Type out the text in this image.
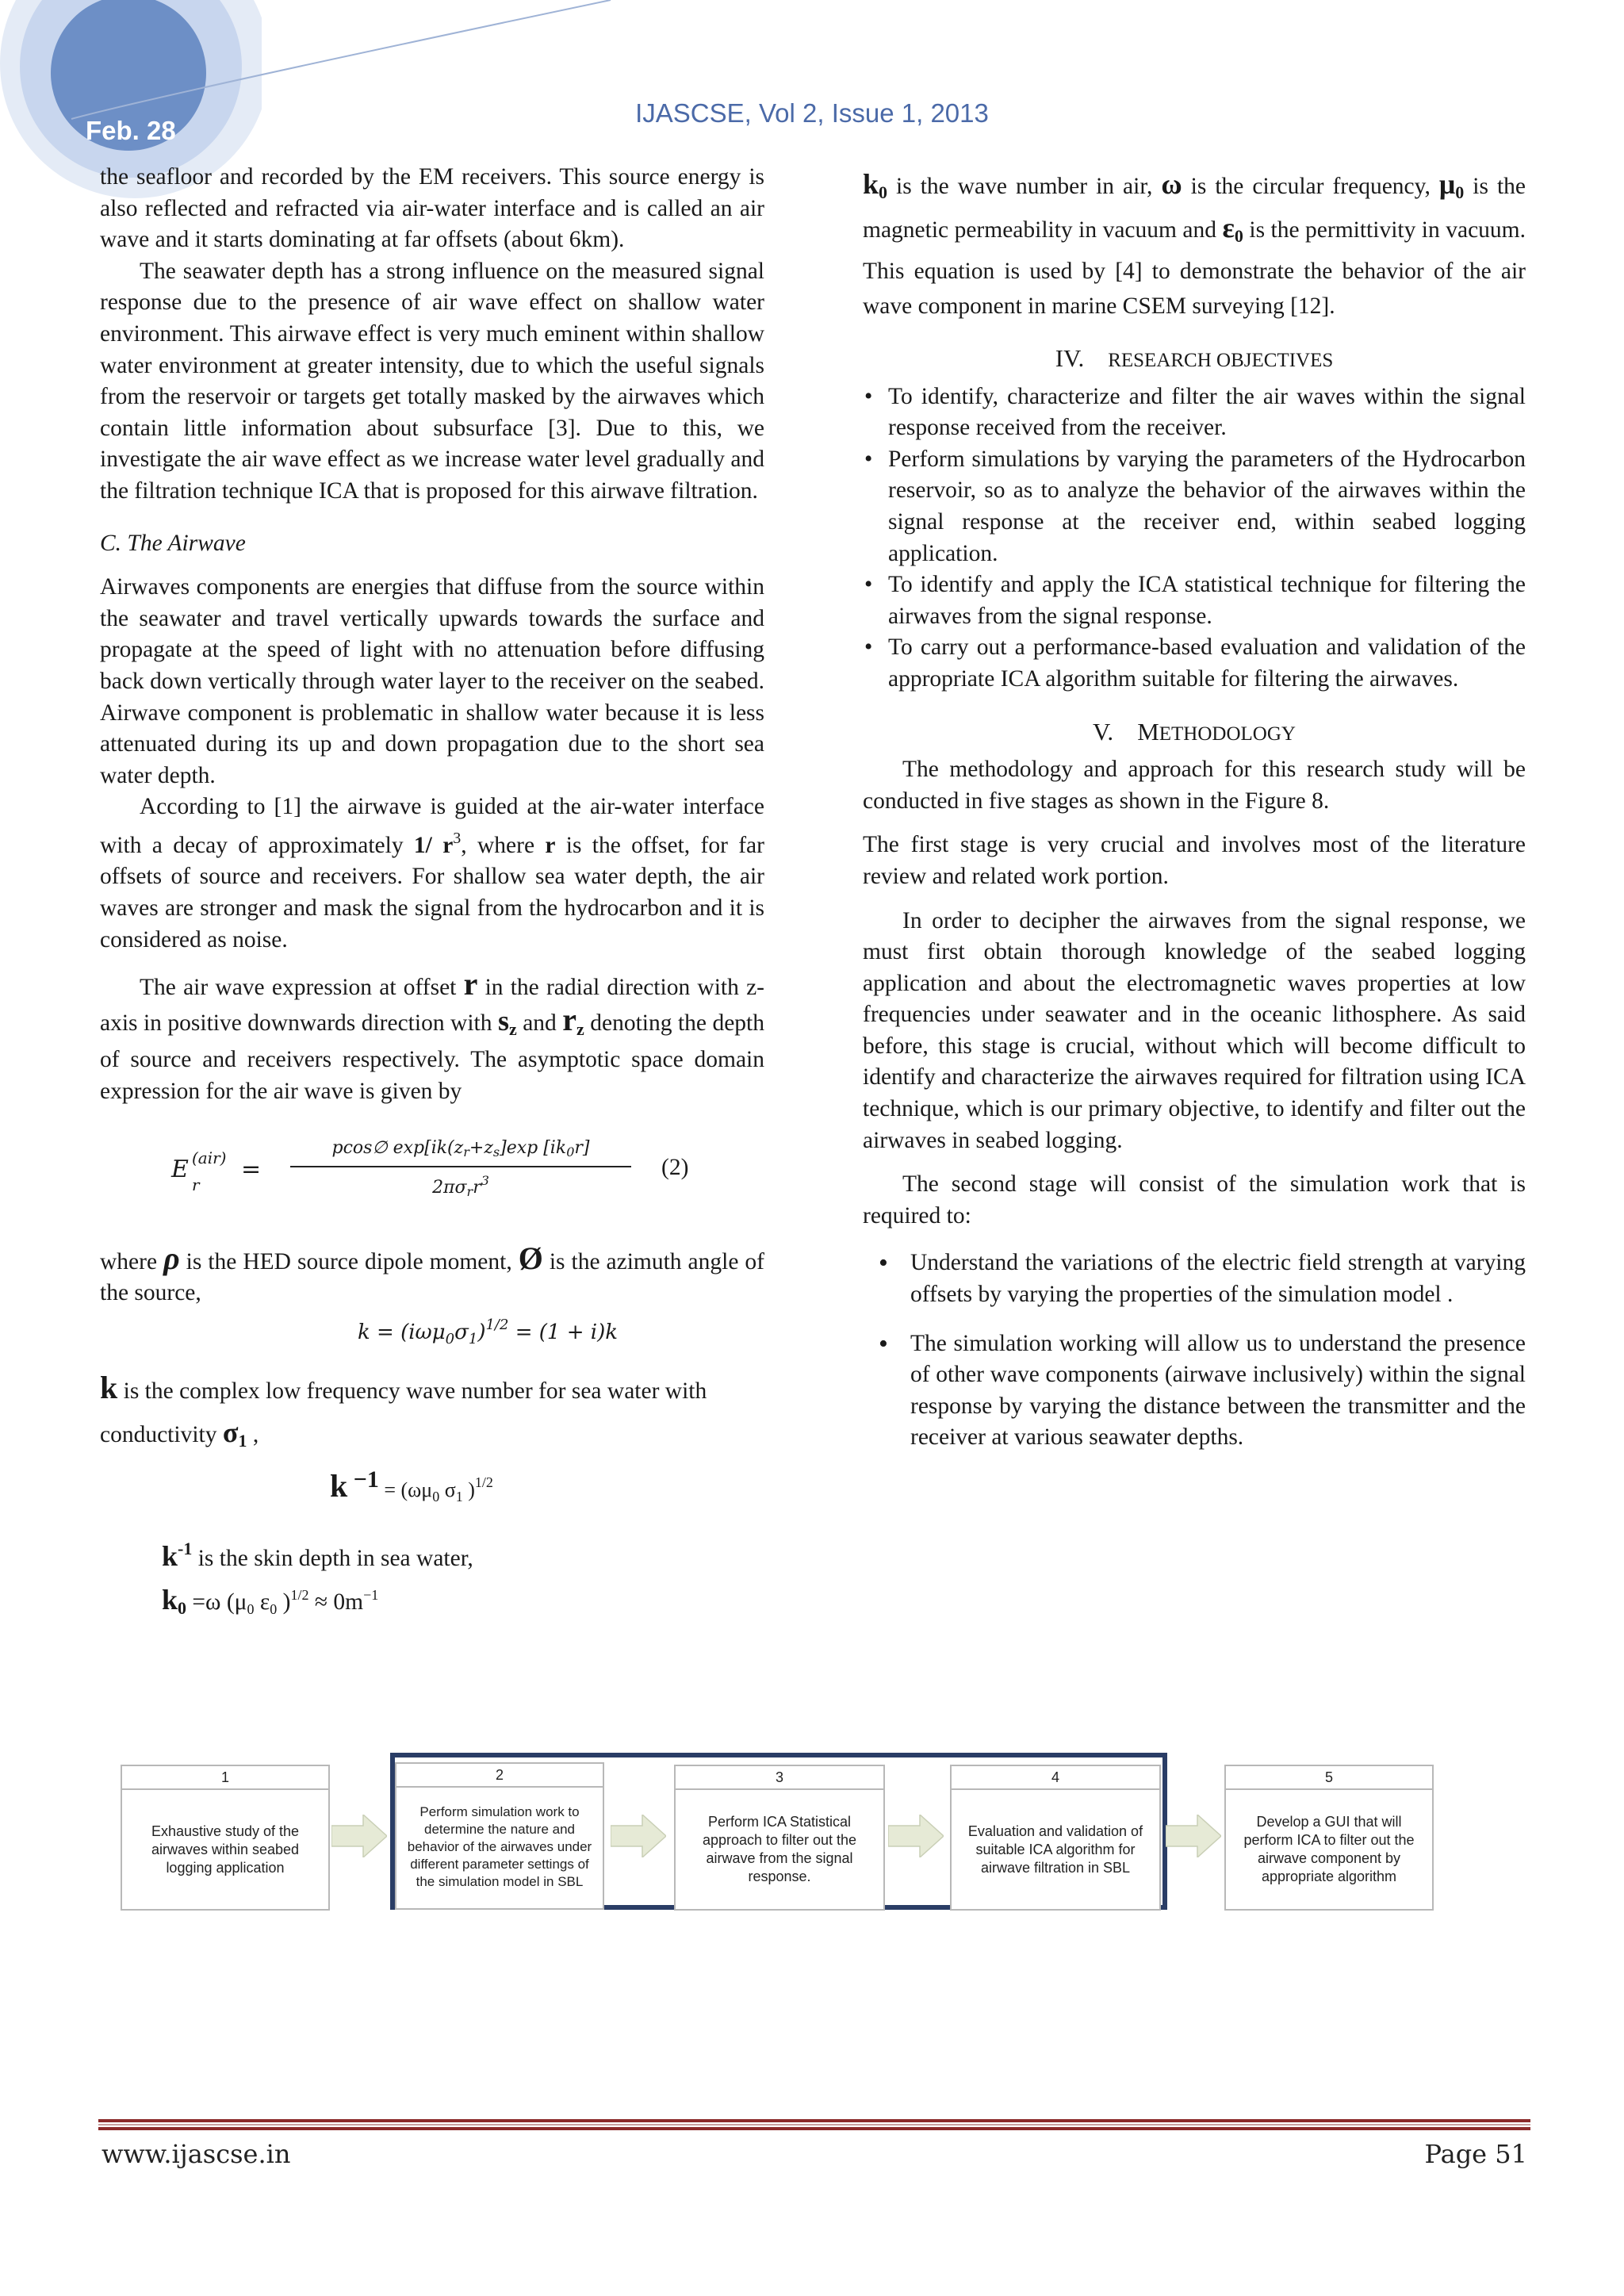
Feb. 28
IJASCSE, Vol 2, Issue 1, 2013

the seafloor and recorded by the EM receivers. This source energy is also reflected and refracted via air-water interface and is called an air wave and it starts dominating at far offsets (about 6km).

The seawater depth has a strong influence on the measured signal response due to the presence of air wave effect on shallow water environment. This airwave effect is very much eminent within shallow water environment at greater intensity, due to which the useful signals from the reservoir or targets get totally masked by the airwaves which contain little information about subsurface [3]. Due to this, we investigate the air wave effect as we increase water level gradually and the filtration technique ICA that is proposed for this airwave filtration.

C. The Airwave

Airwaves components are energies that diffuse from the source within the seawater and travel vertically upwards towards the surface and propagate at the speed of light with no attenuation before diffusing back down vertically through water layer to the receiver on the seabed. Airwave component is problematic in shallow water because it is less attenuated during its up and down propagation due to the short sea water depth.

According to [1] the airwave is guided at the air-water interface with a decay of approximately 1/ $r^3$, where r is the offset, for far offsets of source and receivers. For shallow sea water depth, the air waves are stronger and mask the signal from the hydrocarbon and it is considered as noise.

The air wave expression at offset r in the radial direction with z-axis in positive downwards direction with $s_z$ and $r_z$ denoting the depth of source and receivers respectively. The asymptotic space domain expression for the air wave is given by

E (air)
r
=
pcos∅ exp[ik(zr+zs]exp [ik0r]
2πσrr$^3$
(2)

where ρ is the HED source dipole moment, Ø is the azimuth angle of the source,

$k = (i\omega\mu_0\sigma_1)^{1/2} = (1 + i)k$

k is the complex low frequency wave number for sea water with conductivity $\sigma_1$ ,

$k -1 = (\omega\mu_0$ $\sigma_1$ )$^{1/2}$

$k^{-1}$ is the skin depth in sea water,

$k_0 =\omega$ ($\mu_0$ $\varepsilon_0$ )$^{1/2} \approx 0m^{-1}$

$k_0$ is the wave number in air, ω is the circular frequency, $\mu_0$ is the magnetic permeability in vacuum and $\varepsilon_0$ is the permittivity in vacuum. This equation is used by [4] to demonstrate the behavior of the air wave component in marine CSEM surveying [12].

IV. RESEARCH OBJECTIVES

• To identify, characterize and filter the air waves within the signal response received from the receiver.
• Perform simulations by varying the parameters of the Hydrocarbon reservoir, so as to analyze the behavior of the airwaves within the signal response at the receiver end, within seabed logging application.
• To identify and apply the ICA statistical technique for filtering the airwaves from the signal response.
• To carry out a performance-based evaluation and validation of the appropriate ICA algorithm suitable for filtering the airwaves.

V. METHODOLOGY

The methodology and approach for this research study will be conducted in five stages as shown in the Figure 8.

The first stage is very crucial and involves most of the literature review and related work portion.

In order to decipher the airwaves from the signal response, we must first obtain thorough knowledge of the seabed logging application and about the electromagnetic waves properties at low frequencies under seawater and in the oceanic lithosphere. As said before, this stage is crucial, without which will become difficult to identify and characterize the airwaves required for filtration using ICA technique, which is our primary objective, to identify and filter out the airwaves in seabed logging.

The second stage will consist of the simulation work that is required to:

• Understand the variations of the electric field strength at varying offsets by varying the properties of the simulation model .
• The simulation working will allow us to understand the presence of other wave components (airwave inclusively) within the signal response by varying the distance between the transmitter and the receiver at various seawater depths.
1
Exhaustive study of the airwaves within seabed logging application
2
Perform simulation work to determine the nature and behavior of the airwaves under different parameter settings of the simulation model in SBL
3
Perform ICA Statistical approach to filter out the airwave from the signal response.
4
Evaluation and validation of suitable ICA algorithm for airwave filtration in SBL
5
Develop a GUI that will perform ICA to filter out the airwave component by appropriate algorithm
www.ijascse.in	Page 51
